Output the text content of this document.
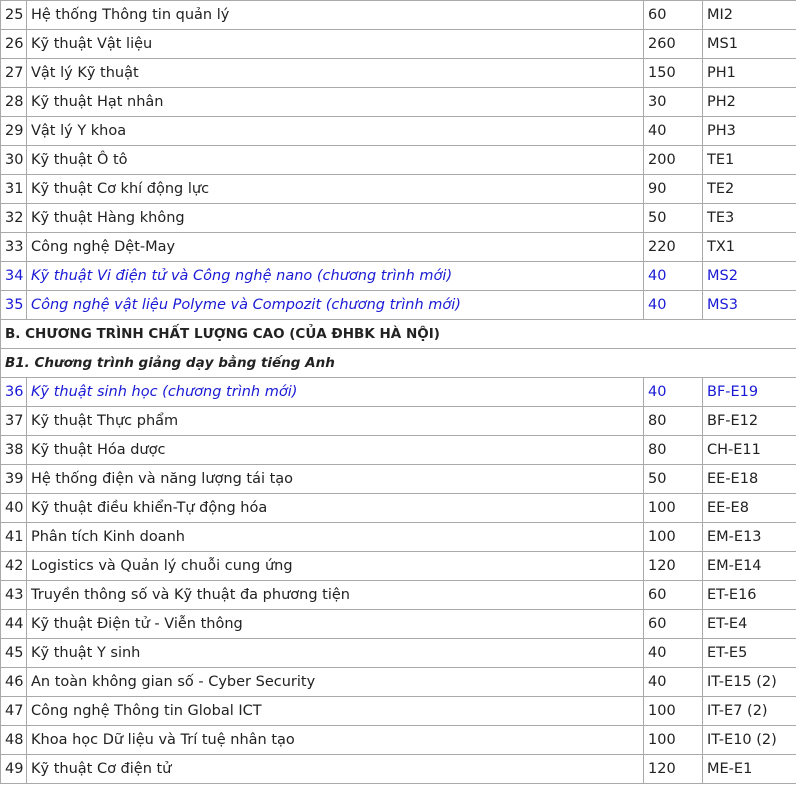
25	Hệ thống Thông tin quản lý	60	MI2
26	Kỹ thuật Vật liệu	260	MS1
27	Vật lý Kỹ thuật	150	PH1
28	Kỹ thuật Hạt nhân	30	PH2
29	Vật lý Y khoa	40	PH3
30	Kỹ thuật Ô tô	200	TE1
31	Kỹ thuật Cơ khí động lực	90	TE2
32	Kỹ thuật Hàng không	50	TE3
33	Công nghệ Dệt-May	220	TX1
34	Kỹ thuật Vi điện tử và Công nghệ nano (chương trình mới)	40	MS2
35	Công nghệ vật liệu Polyme và Compozit (chương trình mới)	40	MS3
B. CHƯƠNG TRÌNH CHẤT LƯỢNG CAO (CỦA ĐHBK HÀ NỘI)			
B1. Chương trình giảng dạy bằng tiếng Anh			
36	Kỹ thuật sinh học (chương trình mới)	40	BF-E19
37	Kỹ thuật Thực phẩm	80	BF-E12
38	Kỹ thuật Hóa dược	80	CH-E11
39	Hệ thống điện và năng lượng tái tạo	50	EE-E18
40	Kỹ thuật điều khiển-Tự động hóa	100	EE-E8
41	Phân tích Kinh doanh	100	EM-E13
42	Logistics và Quản lý chuỗi cung ứng	120	EM-E14
43	Truyền thông số và Kỹ thuật đa phương tiện	60	ET-E16
44	Kỹ thuật Điện tử - Viễn thông	60	ET-E4
45	Kỹ thuật Y sinh	40	ET-E5
46	An toàn không gian số - Cyber Security	40	IT-E15 (2)
47	Công nghệ Thông tin Global ICT	100	IT-E7 (2)
48	Khoa học Dữ liệu và Trí tuệ nhân tạo	100	IT-E10 (2)
49	Kỹ thuật Cơ điện tử	120	ME-E1
